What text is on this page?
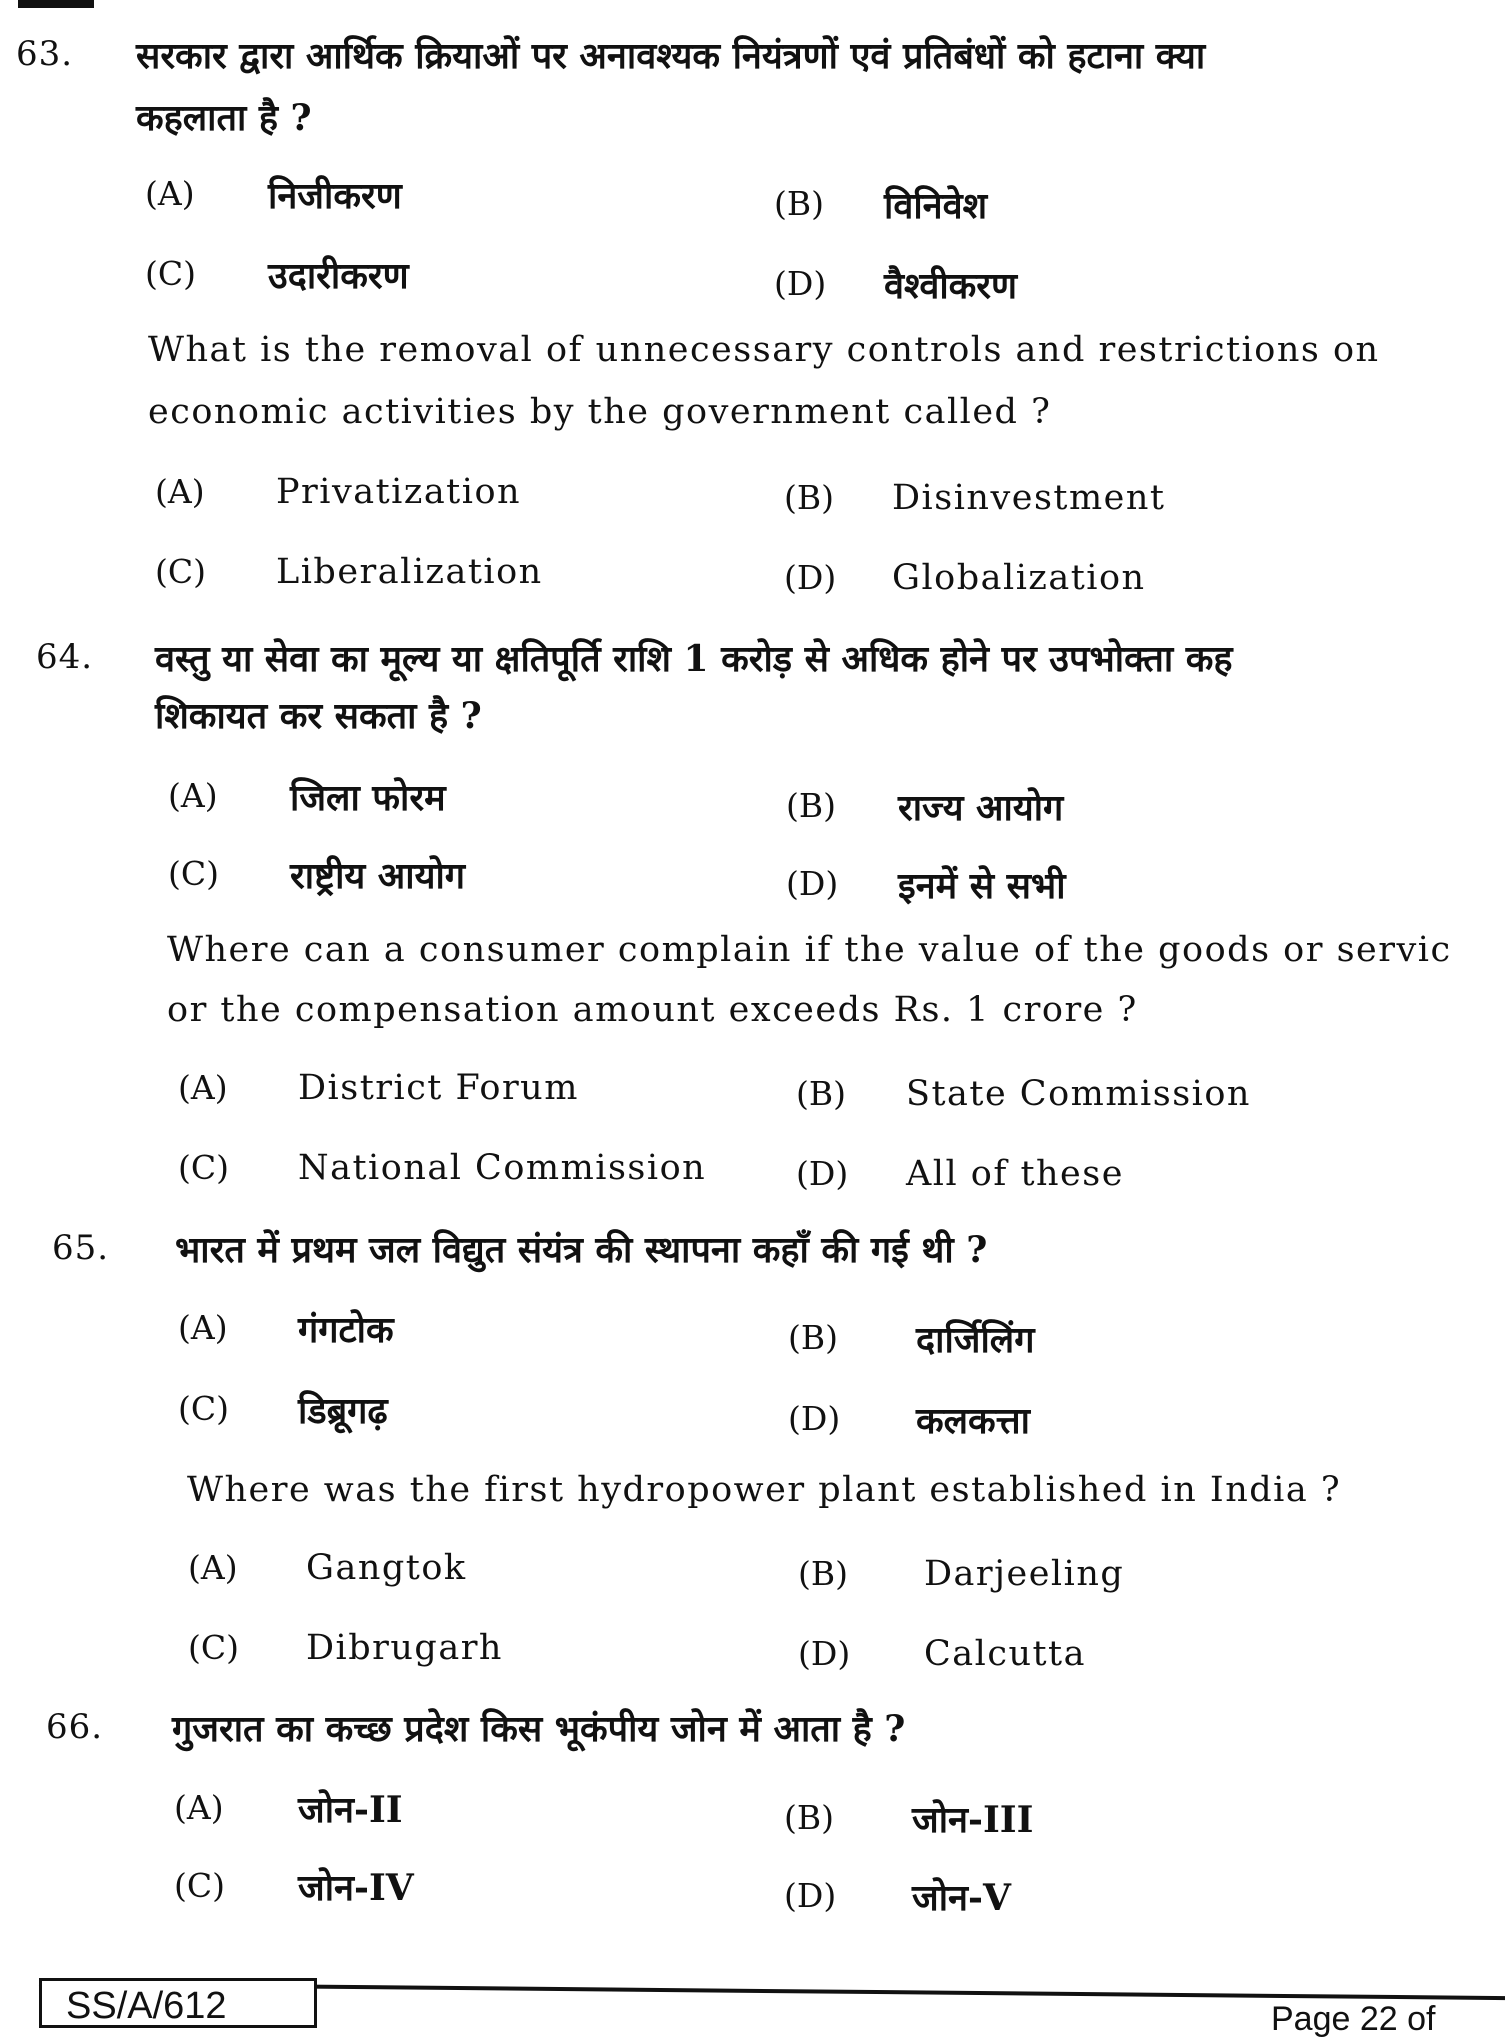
63. सरकार द्वारा आर्थिक क्रियाओं पर अनावश्यक नियंत्रणों एवं प्रतिबंधों को हटाना क्या
कहलाता है ?
(A) निजीकरण	(B) विनिवेश
(C) उदारीकरण	(D) वैश्वीकरण
What is the removal of unnecessary controls and restrictions on
economic activities by the government called ?
(A) Privatization	(B) Disinvestment
(C) Liberalization	(D) Globalization
64. वस्तु या सेवा का मूल्य या क्षतिपूर्ति राशि 1 करोड़ से अधिक होने पर उपभोक्ता कह
शिकायत कर सकता है ?
(A) जिला फोरम	(B) राज्य आयोग
(C) राष्ट्रीय आयोग	(D) इनमें से सभी
Where can a consumer complain if the value of the goods or servic
or the compensation amount exceeds Rs. 1 crore ?
(A) District Forum	(B) State Commission
(C) National Commission	(D) All of these
65. भारत में प्रथम जल विद्युत संयंत्र की स्थापना कहाँ की गई थी ?
(A) गंगटोक	(B) दार्जिलिंग
(C) डिब्रूगढ़	(D) कलकत्ता
Where was the first hydropower plant established in India ?
(A) Gangtok	(B) Darjeeling
(C) Dibrugarh	(D) Calcutta
66. गुजरात का कच्छ प्रदेश किस भूकंपीय जोन में आता है ?
(A) जोन-II	(B) जोन-III
(C) जोन-IV	(D) जोन-V
SS/A/612	Page 22 of
